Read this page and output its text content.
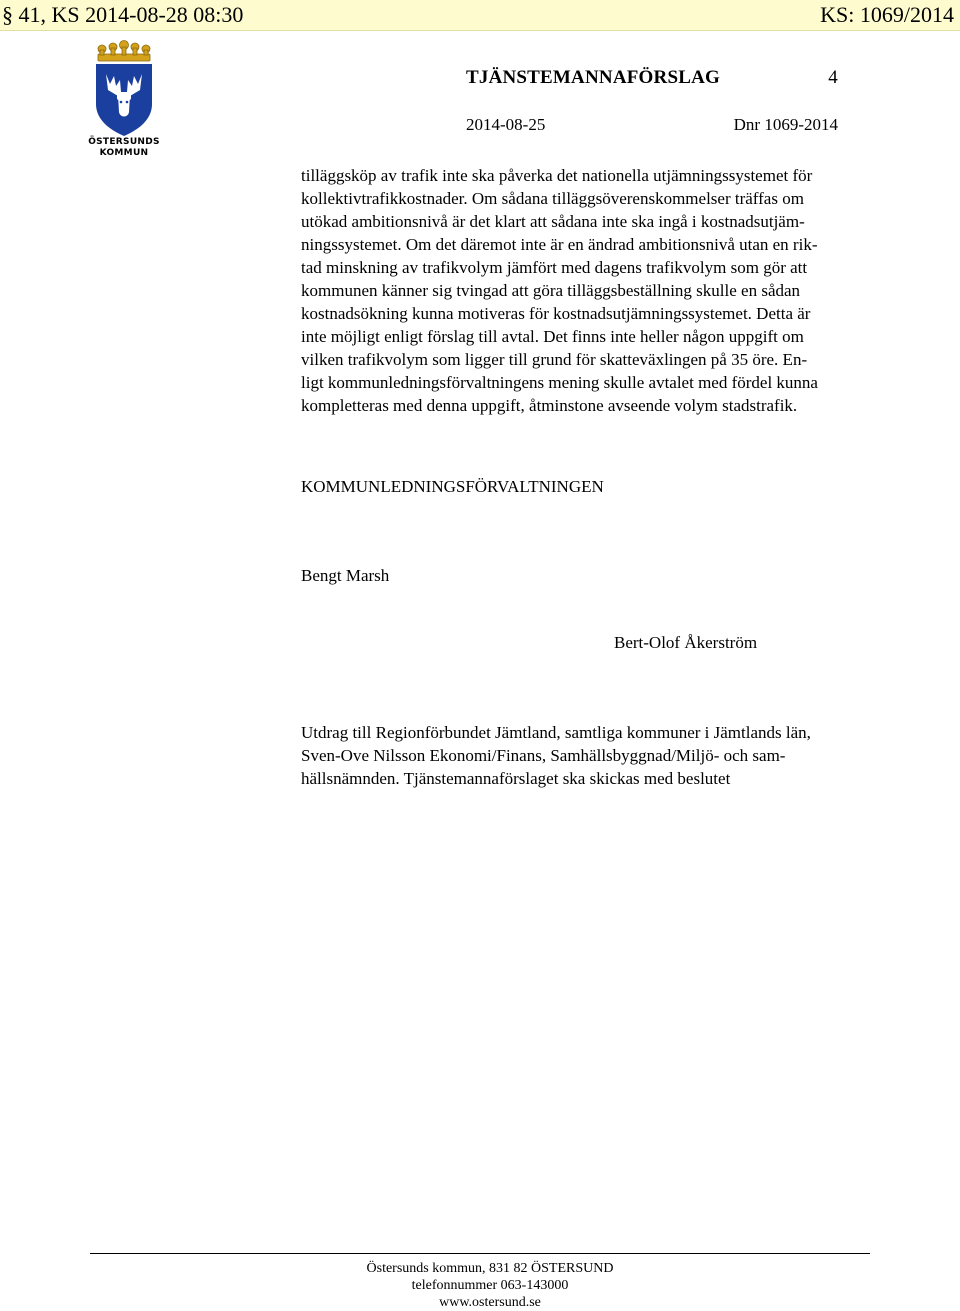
§ 41, KS 2014-08-28 08:30	KS: 1069/2014
ÖSTERSUNDS
KOMMUN
TJÄNSTEMANNAFÖRSLAG	4
2014-08-25	Dnr 1069-2014
tilläggsköp av trafik inte ska påverka det nationella utjämningssystemet för
kollektivtrafikkostnader. Om sådana tilläggsöverenskommelser träffas om
utökad ambitionsnivå är det klart att sådana inte ska ingå i kostnadsutjäm-
ningssystemet. Om det däremot inte är en ändrad ambitionsnivå utan en rik-
tad minskning av trafikvolym jämfört med dagens trafikvolym som gör att
kommunen känner sig tvingad att göra tilläggsbeställning skulle en sådan
kostnadsökning kunna motiveras för kostnadsutjämningssystemet. Detta är
inte möjligt enligt förslag till avtal. Det finns inte heller någon uppgift om
vilken trafikvolym som ligger till grund för skatteväxlingen på 35 öre. En-
ligt kommunledningsförvaltningens mening skulle avtalet med fördel kunna
kompletteras med denna uppgift, åtminstone avseende volym stadstrafik.
KOMMUNLEDNINGSFÖRVALTNINGEN
Bengt Marsh
Bert-Olof Åkerström
Utdrag till Regionförbundet Jämtland, samtliga kommuner i Jämtlands län,
Sven-Ove Nilsson Ekonomi/Finans, Samhällsbyggnad/Miljö- och sam-
hällsnämnden. Tjänstemannaförslaget ska skickas med beslutet
Östersunds kommun, 831 82 ÖSTERSUND
telefonnummer 063-143000
www.ostersund.se
